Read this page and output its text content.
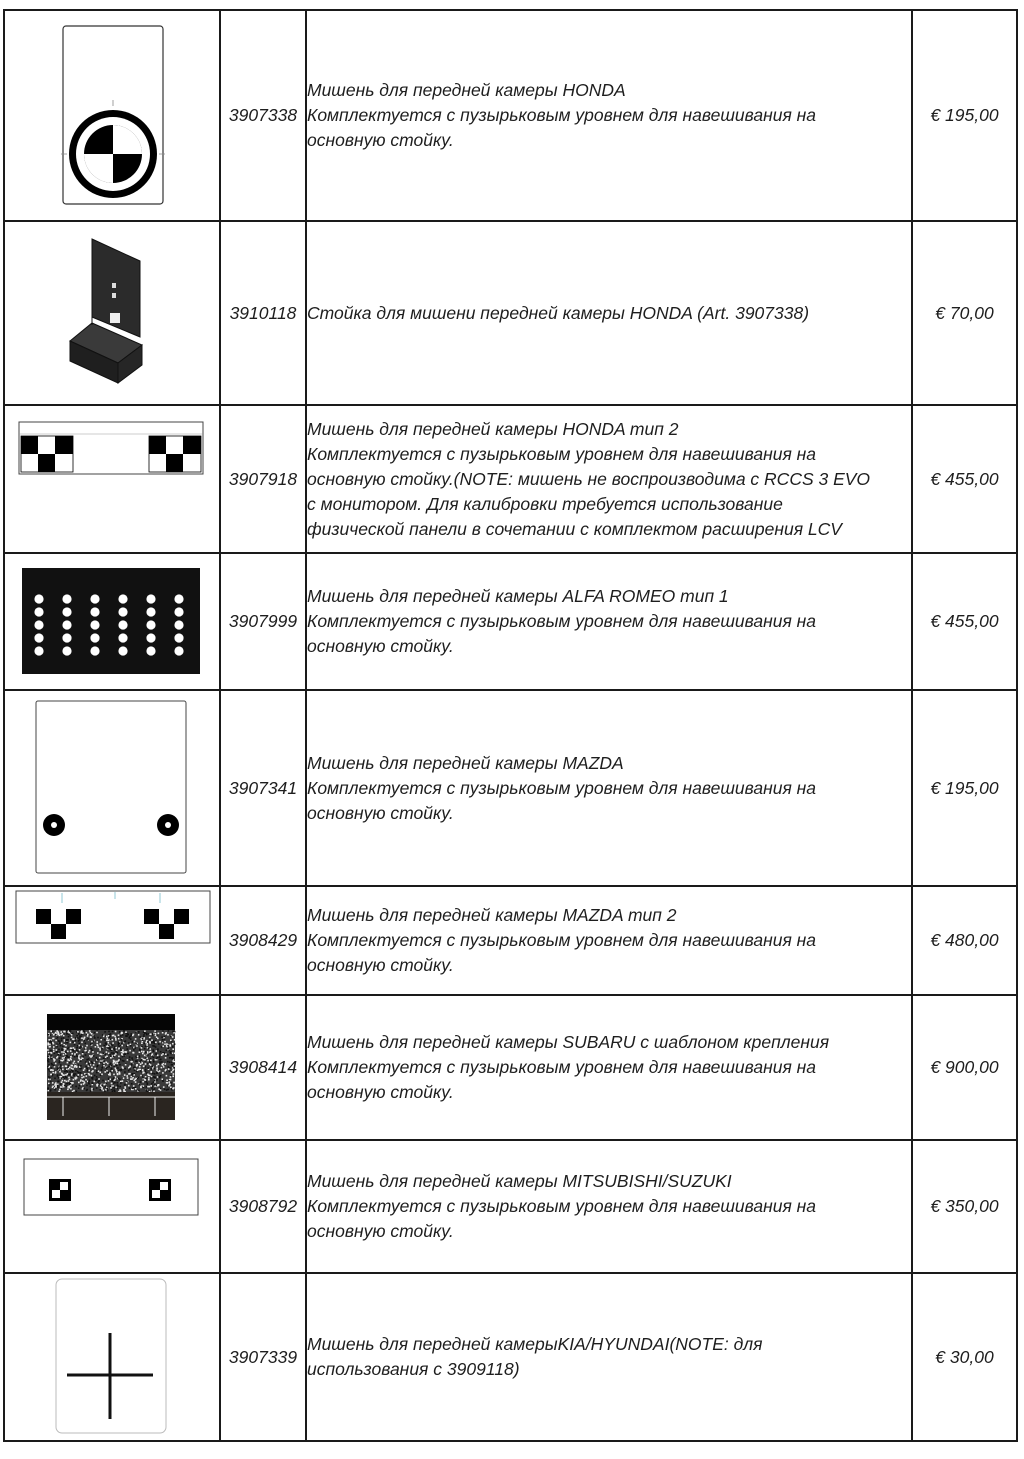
	3907338	Мишень для передней камеры HONDA
Комплектуется с пузырьковым уровнем для навешивания на
основную стойку.	€ 195,00

	3910118	Стойка для мишени передней камеры HONDA (Art. 3907338)	€ 70,00

	3907918	Мишень для передней камеры HONDA тип 2
Комплектуется с пузырьковым уровнем для навешивания на
основную стойку.(NOTE: мишень не воспроизводима с RCCS 3 EVO
с монитором. Для калибровки требуется использование
физической панели в сочетании с комплектом расширения LCV	€ 455,00

	3907999	Мишень для передней камеры ALFA ROMEO тип 1
Комплектуется с пузырьковым уровнем для навешивания на
основную стойку.	€ 455,00

	3907341	Мишень для передней камеры MAZDA
Комплектуется с пузырьковым уровнем для навешивания на
основную стойку.	€ 195,00

	3908429	Мишень для передней камеры MAZDA тип 2
Комплектуется с пузырьковым уровнем для навешивания на
основную стойку.	€ 480,00

	3908414	Мишень для передней камеры SUBARU с шаблоном крепления
Комплектуется с пузырьковым уровнем для навешивания на
основную стойку.	€ 900,00

	3908792	Мишень для передней камеры MITSUBISHI/SUZUKI
Комплектуется с пузырьковым уровнем для навешивания на
основную стойку.	€ 350,00

	3907339	Мишень для передней камерыKIA/HYUNDAI(NOTE: для
использования с 3909118)	€ 30,00
